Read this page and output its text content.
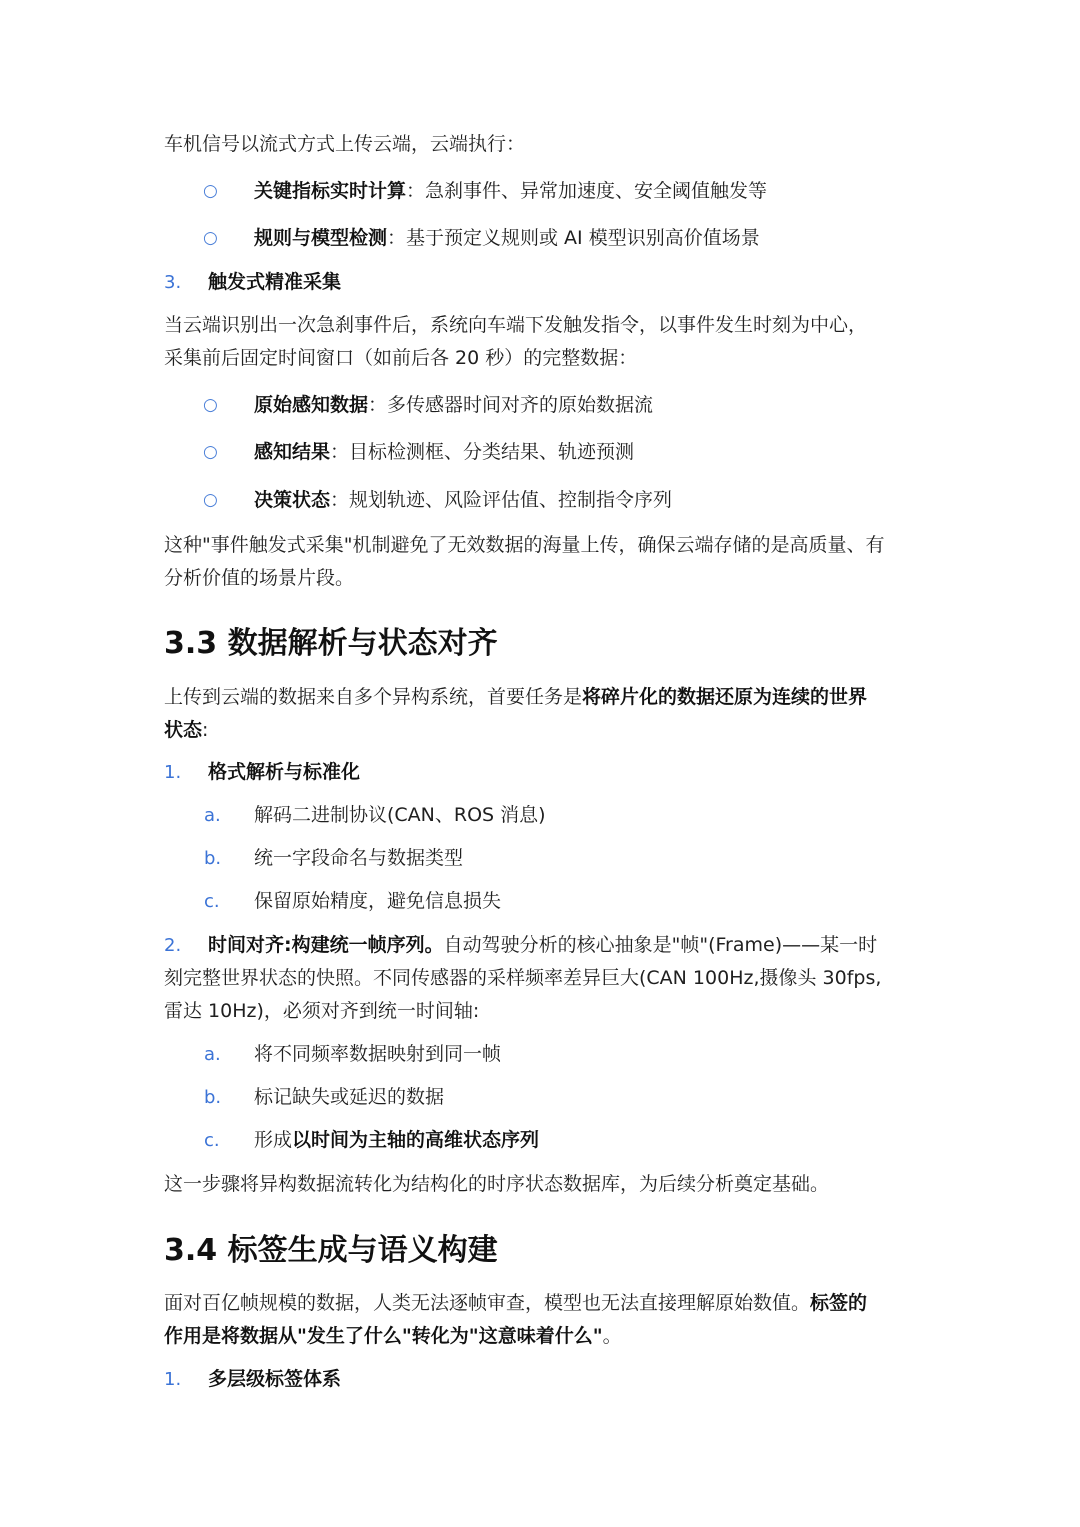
车机信号以流式方式上传云端，云端执行：
○ 关键指标实时计算：急刹事件、异常加速度、安全阈值触发等
○ 规则与模型检测：基于预定义规则或 AI 模型识别高价值场景
3. 触发式精准采集
当云端识别出一次急刹事件后，系统向车端下发触发指令，以事件发生时刻为中心，
采集前后固定时间窗口（如前后各 20 秒）的完整数据：
○ 原始感知数据：多传感器时间对齐的原始数据流
○ 感知结果：目标检测框、分类结果、轨迹预测
○ 决策状态：规划轨迹、风险评估值、控制指令序列
这种"事件触发式采集"机制避免了无效数据的海量上传，确保云端存储的是高质量、有
分析价值的场景片段。
3.3 数据解析与状态对齐
上传到云端的数据来自多个异构系统，首要任务是将碎片化的数据还原为连续的世界
状态:
1. 格式解析与标准化
a. 解码二进制协议(CAN、ROS 消息)
b. 统一字段命名与数据类型
c. 保留原始精度，避免信息损失
2. 时间对齐:构建统一帧序列。自动驾驶分析的核心抽象是"帧"(Frame)——某一时
刻完整世界状态的快照。不同传感器的采样频率差异巨大(CAN 100Hz,摄像头 30fps,
雷达 10Hz)，必须对齐到统一时间轴:
a. 将不同频率数据映射到同一帧
b. 标记缺失或延迟的数据
c. 形成以时间为主轴的高维状态序列
这一步骤将异构数据流转化为结构化的时序状态数据库，为后续分析奠定基础。
3.4 标签生成与语义构建
面对百亿帧规模的数据，人类无法逐帧审查，模型也无法直接理解原始数值。标签的
作用是将数据从"发生了什么"转化为"这意味着什么"。
1. 多层级标签体系
